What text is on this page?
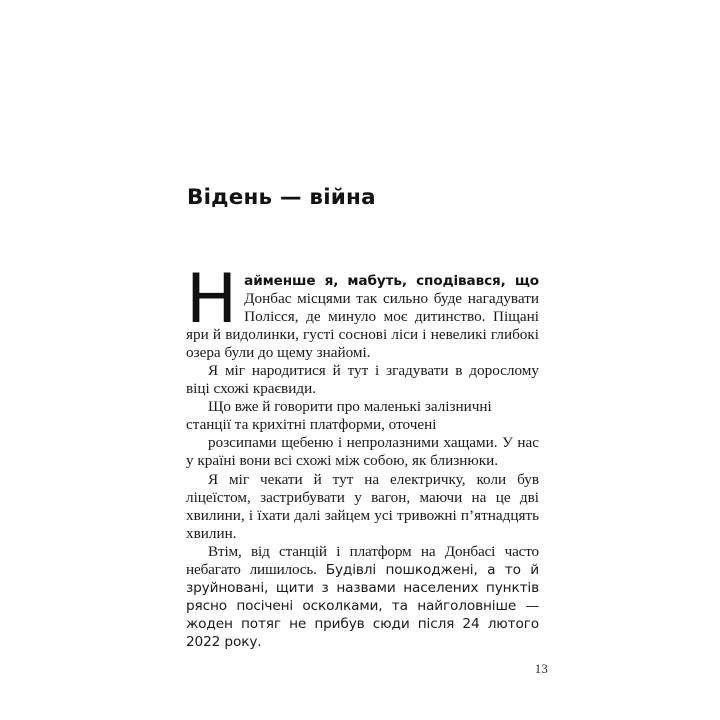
Відень — війна

Найменше я, мабуть, сподівався, що Донбас місцями так сильно буде нагадувати Полісся, де минуло моє дитинство. Піщані яри й видолинки, густі соснові ліси і невеликі глибокі озера були до щему знайомі.

Я міг народитися й тут і згадувати в дорослому віці схожі краєвиди.

Що вже й говорити про маленькі залізничні станції та крихітні платформи, оточені

розсипами щебеню і непролазними хащами. У нас у країні вони всі схожі між собою, як близнюки.

Я міг чекати й тут на електричку, коли був ліцеїстом, застрибувати у вагон, маючи на це дві хвилини, і їхати далі зайцем усі тривожні п’ятнадцять хвилин.

Втім, від станцій і платформ на Донбасі часто небагато лишилось. Будівлі пошкоджені, а то й зруйновані, щити з назвами населених пунктів рясно посічені осколками, та найголовніше — жоден потяг не прибув сюди після 24 лютого 2022 року.

13
